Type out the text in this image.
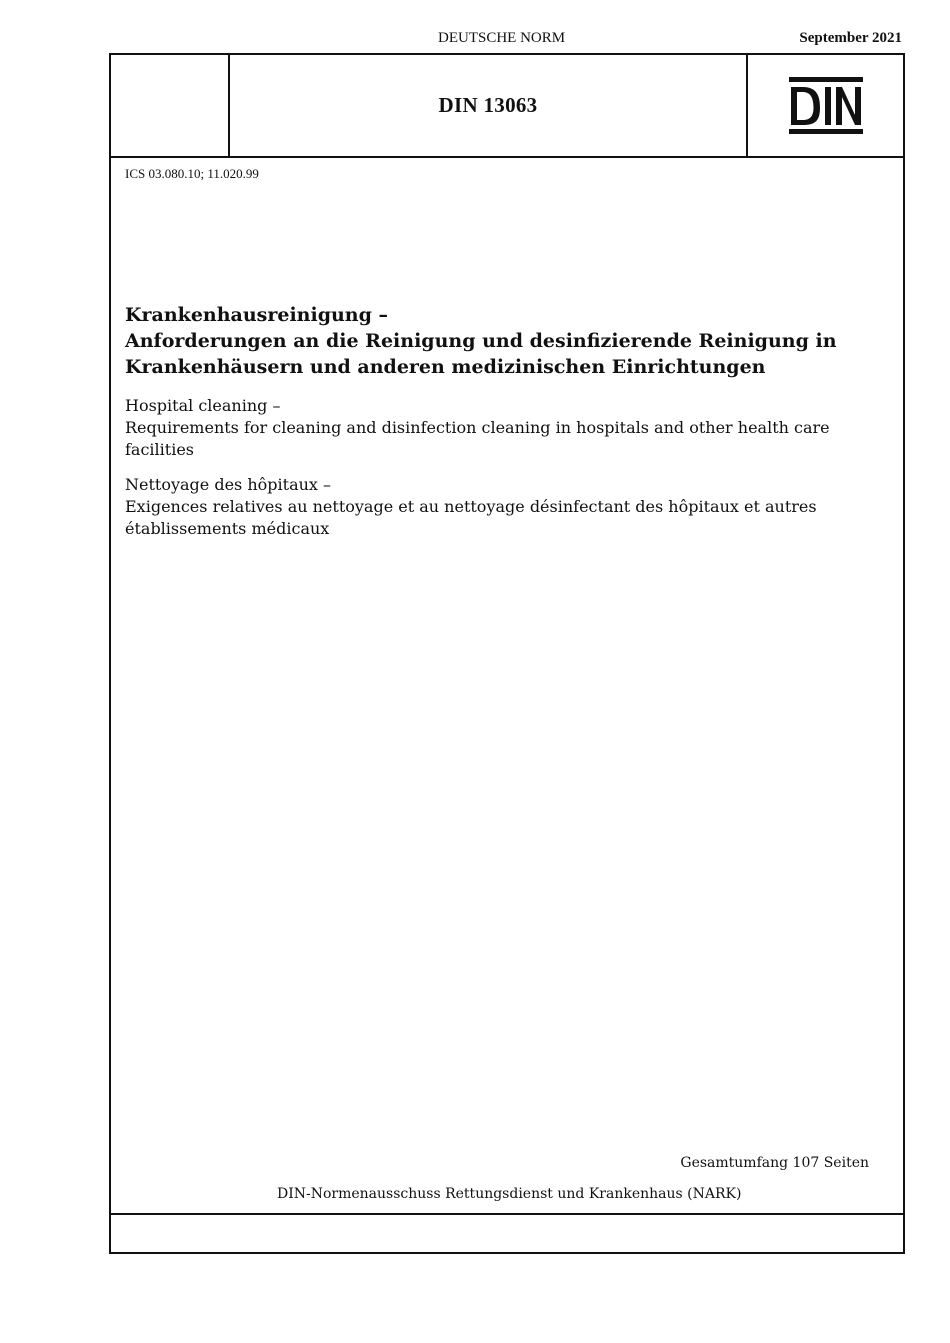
DEUTSCHE NORM	September 2021
DIN 13063
ICS 03.080.10; 11.020.99
Krankenhausreinigung –
Anforderungen an die Reinigung und desinfizierende Reinigung in
Krankenhäusern und anderen medizinischen Einrichtungen
Hospital cleaning –
Requirements for cleaning and disinfection cleaning in hospitals and other health care facilities
Nettoyage des hôpitaux –
Exigences relatives au nettoyage et au nettoyage désinfectant des hôpitaux et autres établissements médicaux
Gesamtumfang 107 Seiten
DIN-Normenausschuss Rettungsdienst und Krankenhaus (NARK)
